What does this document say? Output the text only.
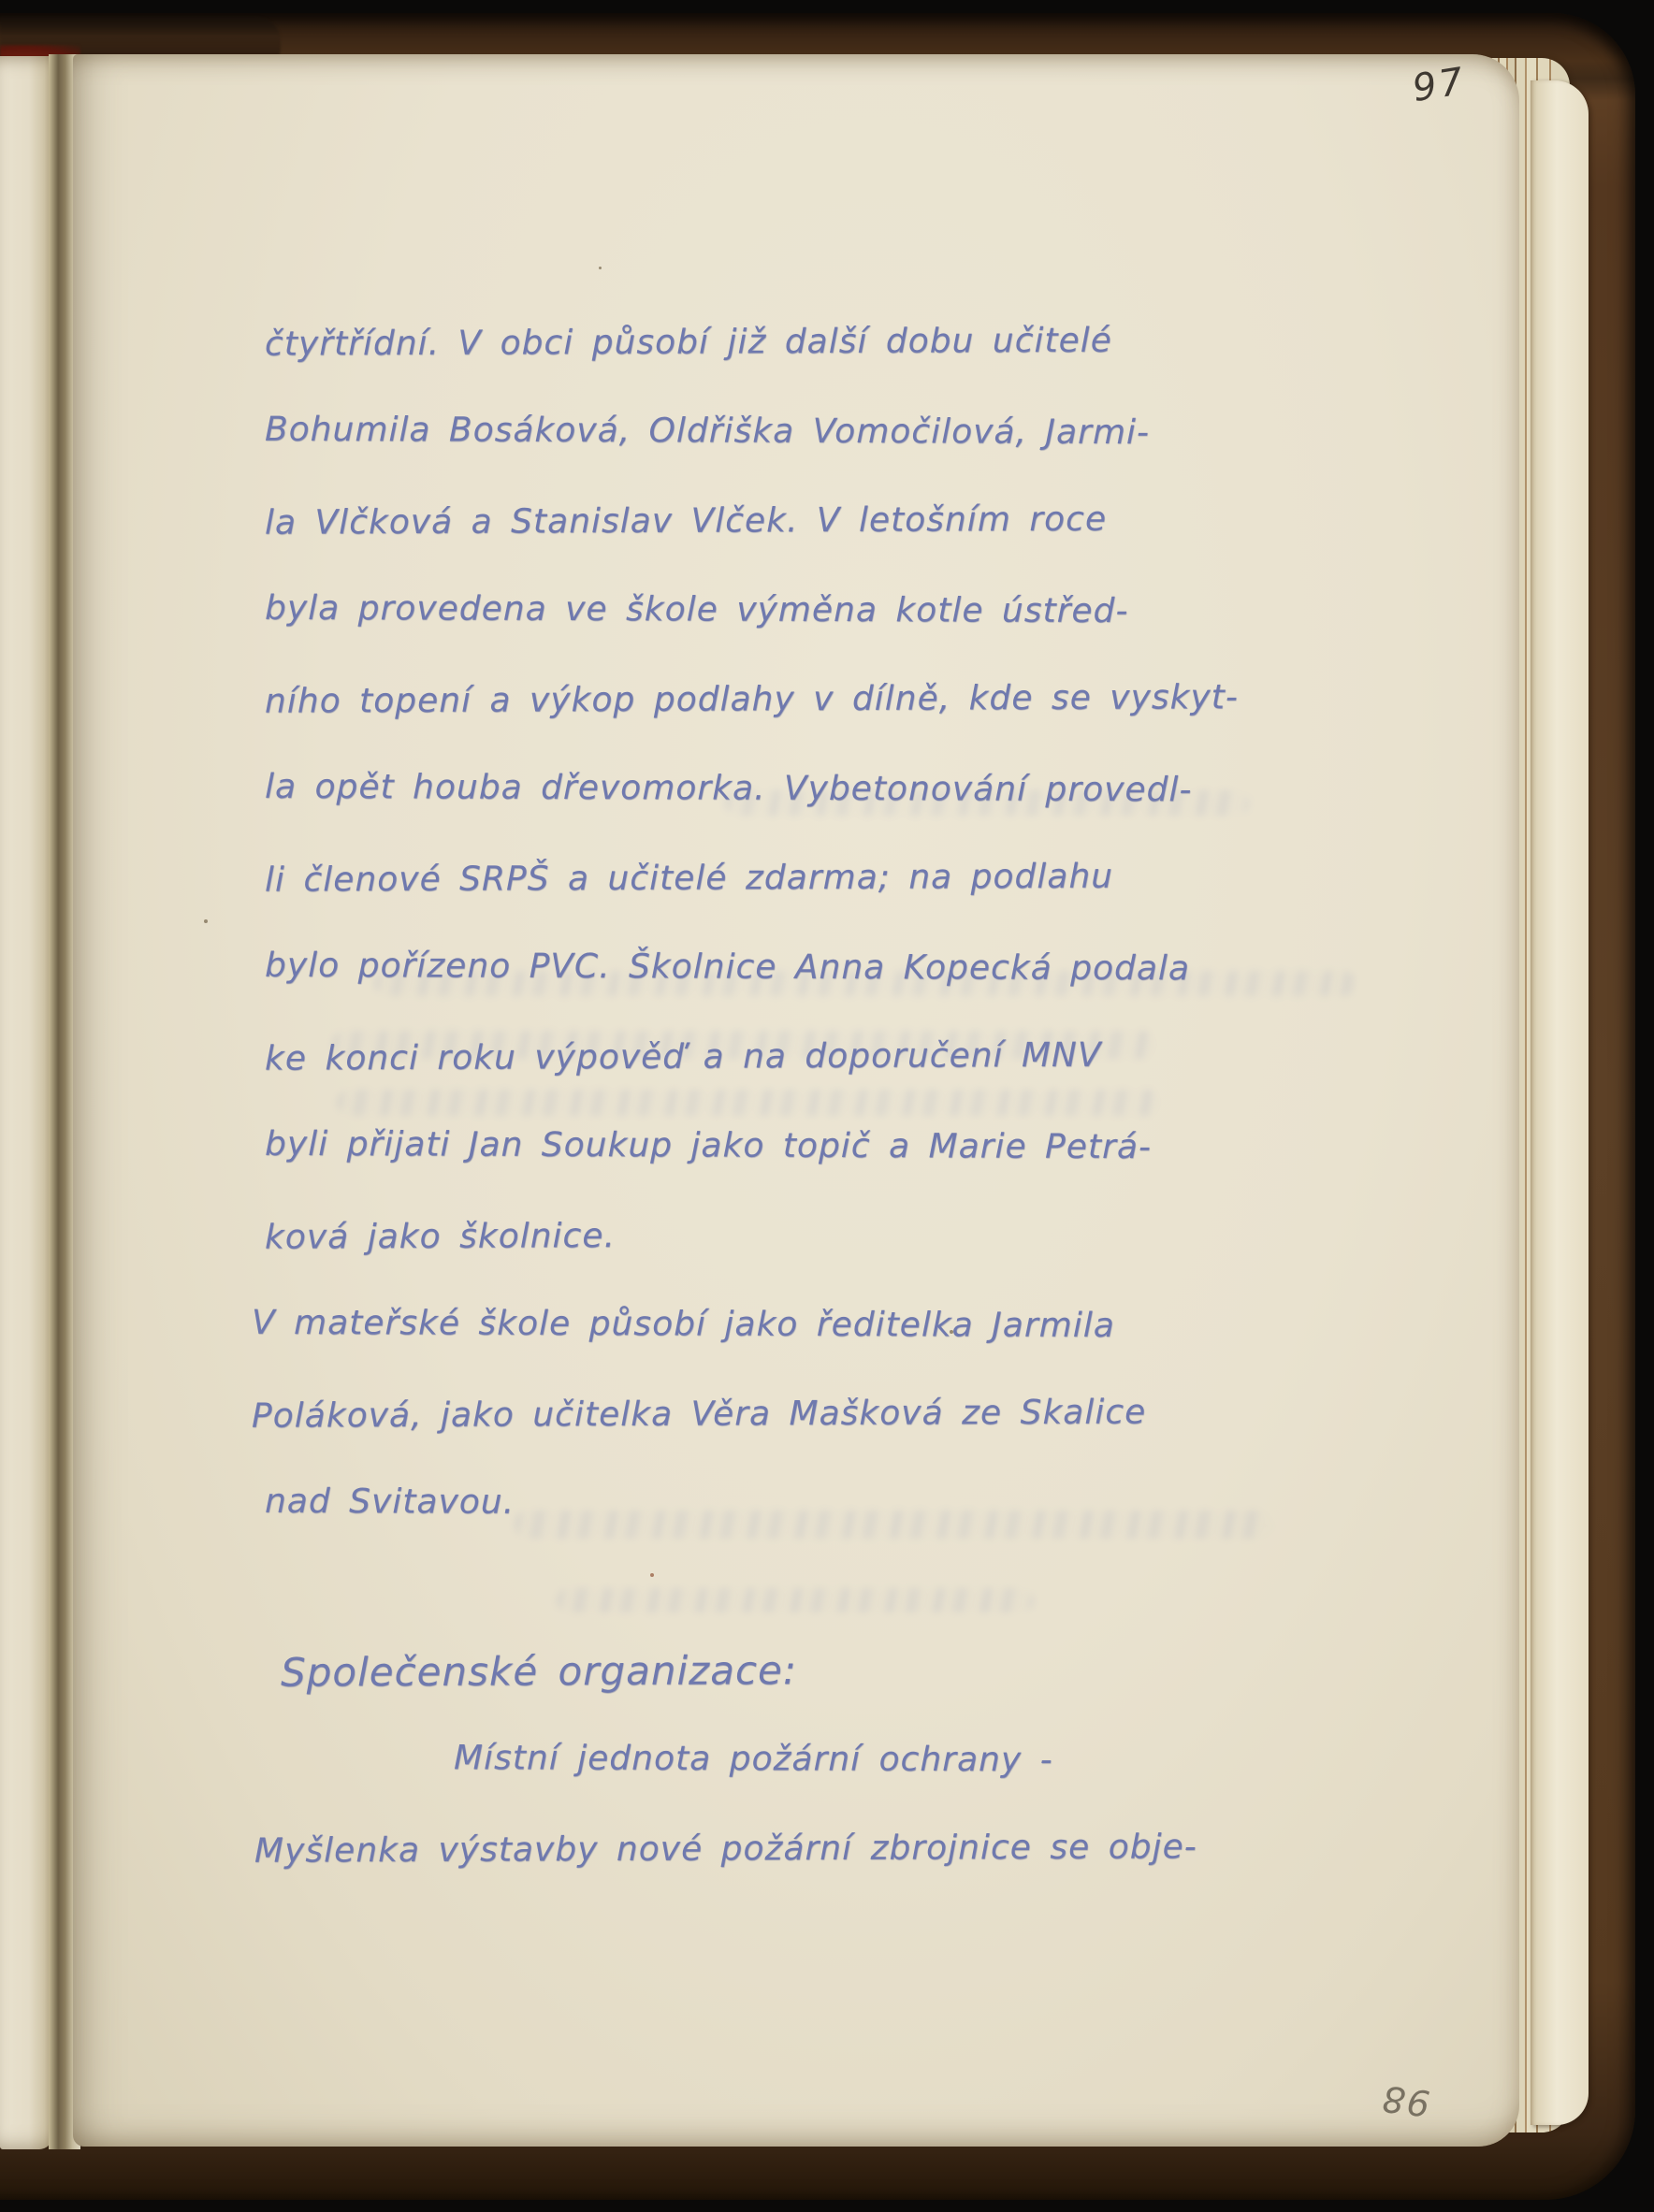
97
čtyřtřídní. V obci působí již další dobu učitelé
Bohumila Bosáková, Oldřiška Vomočilová, Jarmi-
la Vlčková a Stanislav Vlček. V letošním roce
byla provedena ve škole výměna kotle ústřed-
ního topení a výkop podlahy v dílně, kde se vyskyt-
la opět houba dřevomorka. Vybetonování provedl-
li členové SRPŠ a učitelé zdarma; na podlahu
bylo pořízeno PVC. Školnice Anna Kopecká podala
ke konci roku výpověď a na doporučení MNV
byli přijati Jan Soukup jako topič a Marie Petrá-
ková jako školnice.
V mateřské škole působí jako ředitelka Jarmila
Poláková, jako učitelka Věra Mašková ze Skalice
nad Svitavou.
Společenské organizace:
Místní jednota požární ochrany -
Myšlenka výstavby nové požární zbrojnice se obje-
98
